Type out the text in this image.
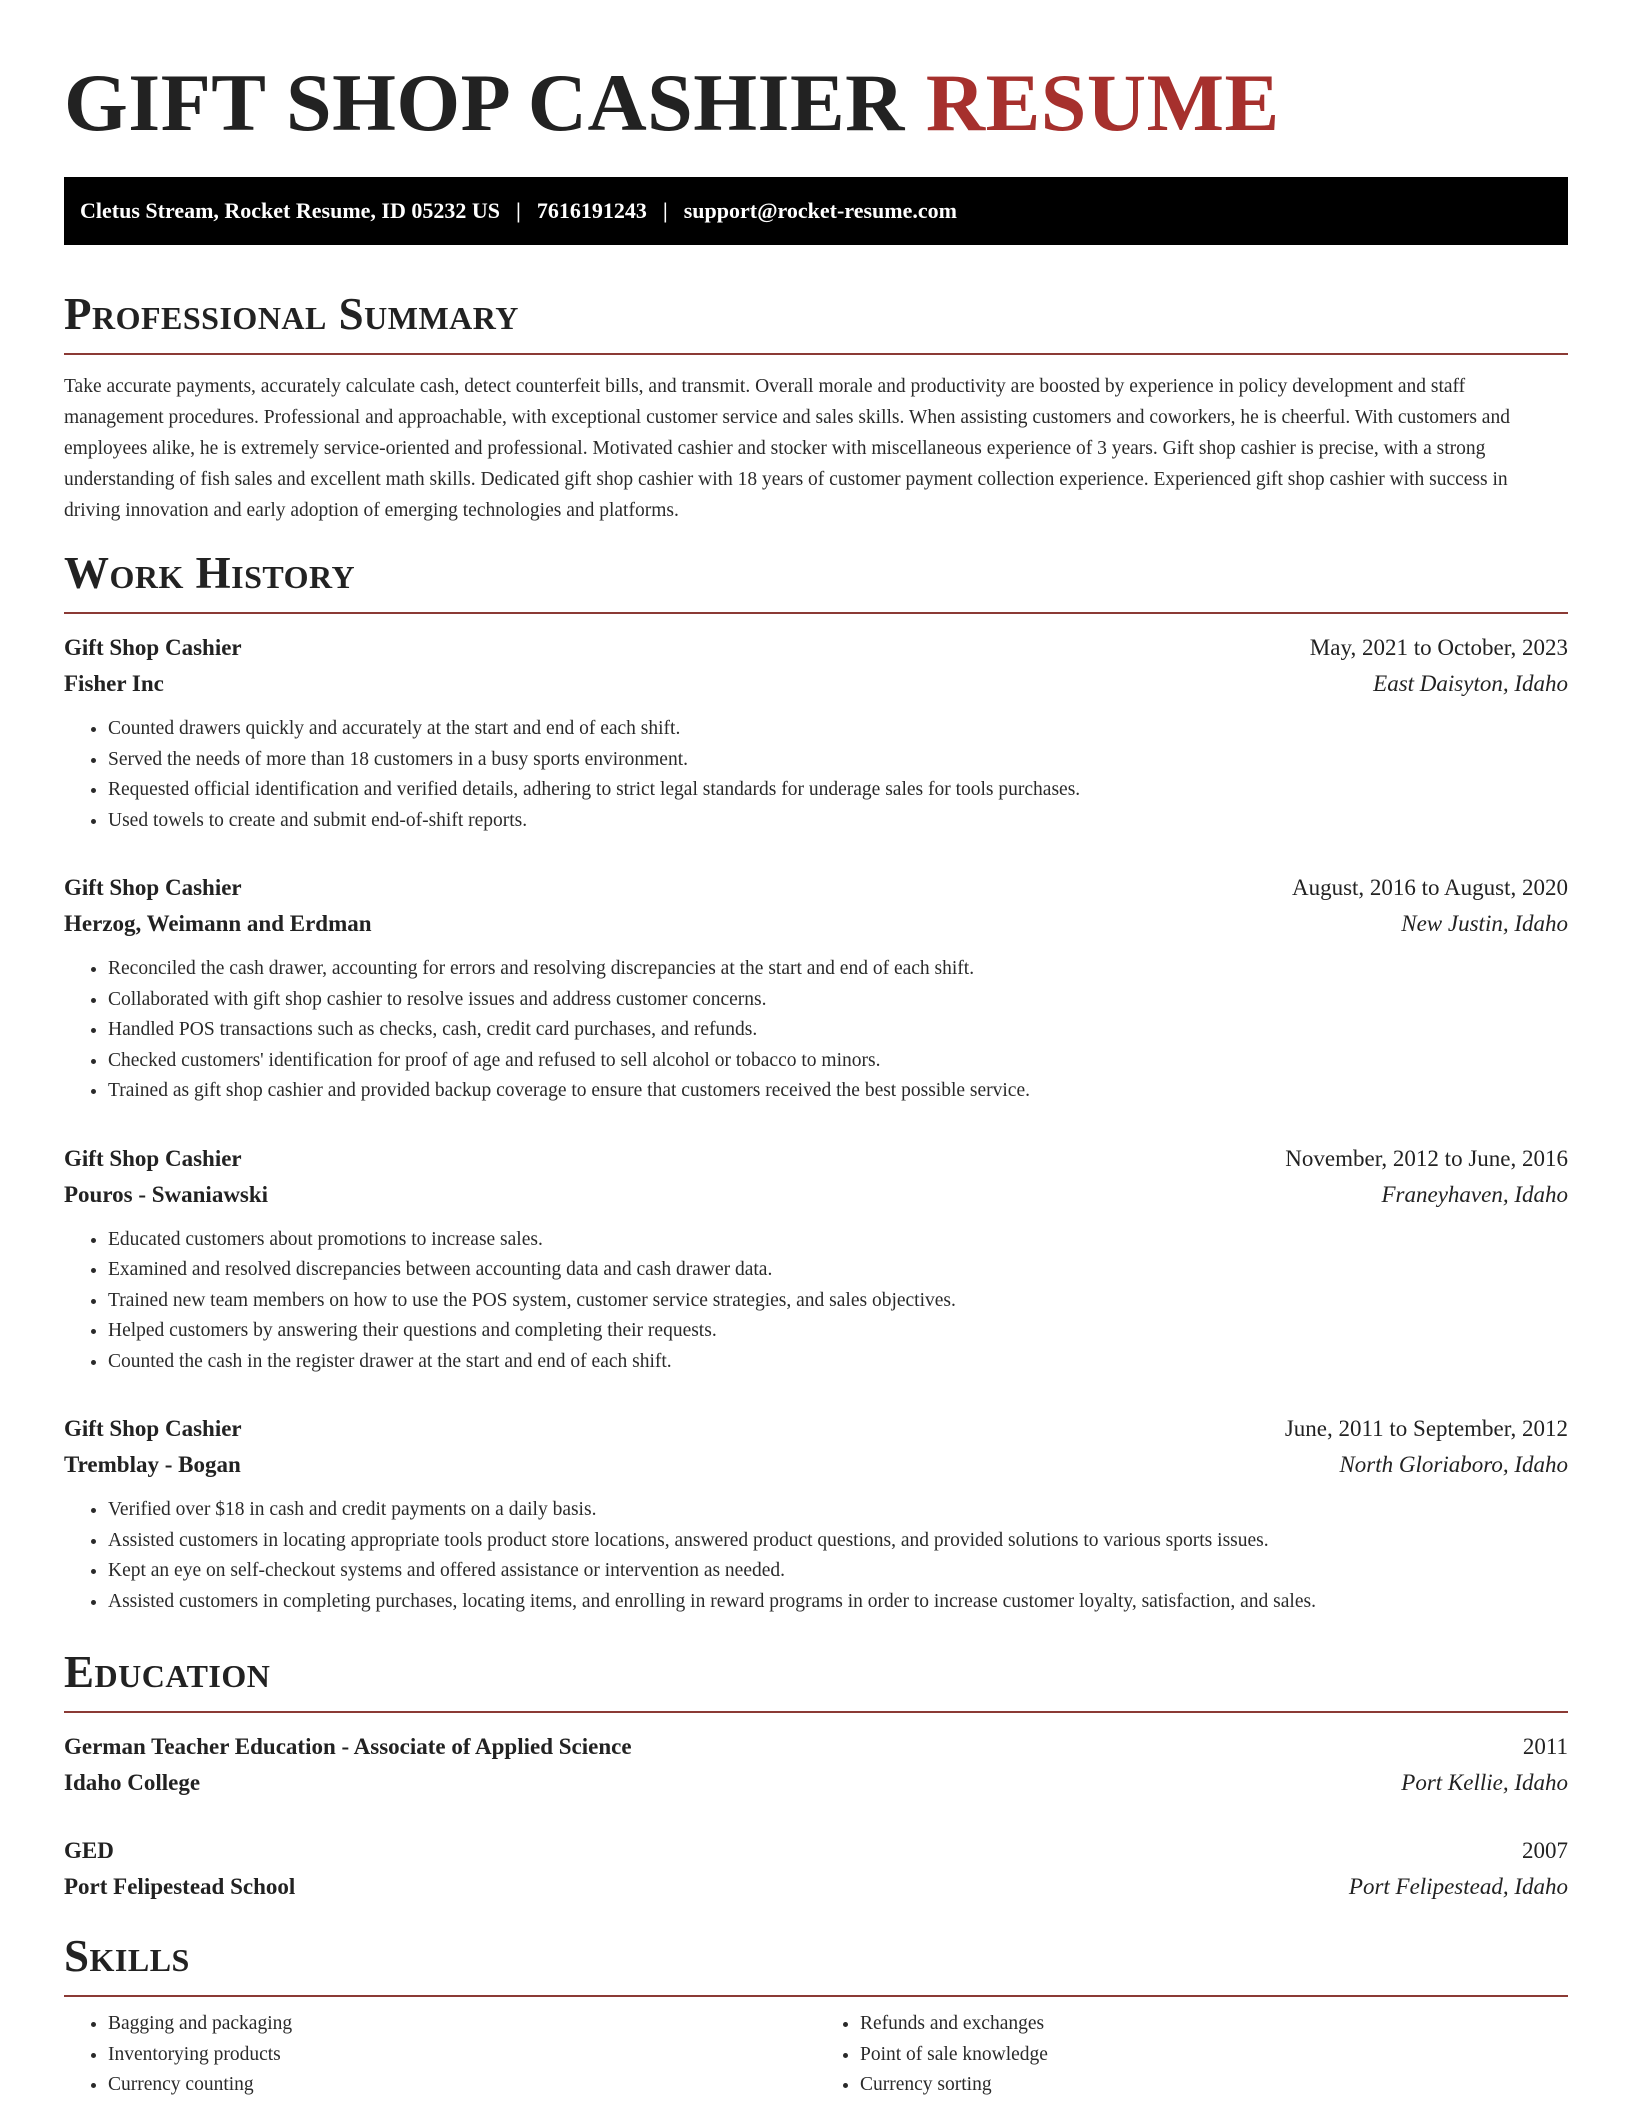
GIFT SHOP CASHIER RESUME
Cletus Stream, Rocket Resume, ID 05232 US | 7616191243 | support@rocket-resume.com
Professional Summary

Take accurate payments, accurately calculate cash, detect counterfeit bills, and transmit. Overall morale and productivity are boosted by experience in policy development and staff management procedures. Professional and approachable, with exceptional customer service and sales skills. When assisting customers and coworkers, he is cheerful. With customers and employees alike, he is extremely service-oriented and professional. Motivated cashier and stocker with miscellaneous experience of 3 years. Gift shop cashier is precise, with a strong understanding of fish sales and excellent math skills. Dedicated gift shop cashier with 18 years of customer payment collection experience. Experienced gift shop cashier with success in driving innovation and early adoption of emerging technologies and platforms.

Work History
Gift Shop Cashier	May, 2021 to October, 2023
Fisher Inc	East Daisyton, Idaho
• Counted drawers quickly and accurately at the start and end of each shift.
• Served the needs of more than 18 customers in a busy sports environment.
• Requested official identification and verified details, adhering to strict legal standards for underage sales for tools purchases.
• Used towels to create and submit end-of-shift reports.
Gift Shop Cashier	August, 2016 to August, 2020
Herzog, Weimann and Erdman	New Justin, Idaho
• Reconciled the cash drawer, accounting for errors and resolving discrepancies at the start and end of each shift.
• Collaborated with gift shop cashier to resolve issues and address customer concerns.
• Handled POS transactions such as checks, cash, credit card purchases, and refunds.
• Checked customers' identification for proof of age and refused to sell alcohol or tobacco to minors.
• Trained as gift shop cashier and provided backup coverage to ensure that customers received the best possible service.
Gift Shop Cashier	November, 2012 to June, 2016
Pouros - Swaniawski	Franeyhaven, Idaho
• Educated customers about promotions to increase sales.
• Examined and resolved discrepancies between accounting data and cash drawer data.
• Trained new team members on how to use the POS system, customer service strategies, and sales objectives.
• Helped customers by answering their questions and completing their requests.
• Counted the cash in the register drawer at the start and end of each shift.
Gift Shop Cashier	June, 2011 to September, 2012
Tremblay - Bogan	North Gloriaboro, Idaho
• Verified over $18 in cash and credit payments on a daily basis.
• Assisted customers in locating appropriate tools product store locations, answered product questions, and provided solutions to various sports issues.
• Kept an eye on self-checkout systems and offered assistance or intervention as needed.
• Assisted customers in completing purchases, locating items, and enrolling in reward programs in order to increase customer loyalty, satisfaction, and sales.
Education
German Teacher Education - Associate of Applied Science	2011
Idaho College	Port Kellie, Idaho
GED	2007
Port Felipestead School	Port Felipestead, Idaho
Skills
• Bagging and packaging
• Inventorying products
• Currency counting
• Refunds and exchanges
• Point of sale knowledge
• Currency sorting
